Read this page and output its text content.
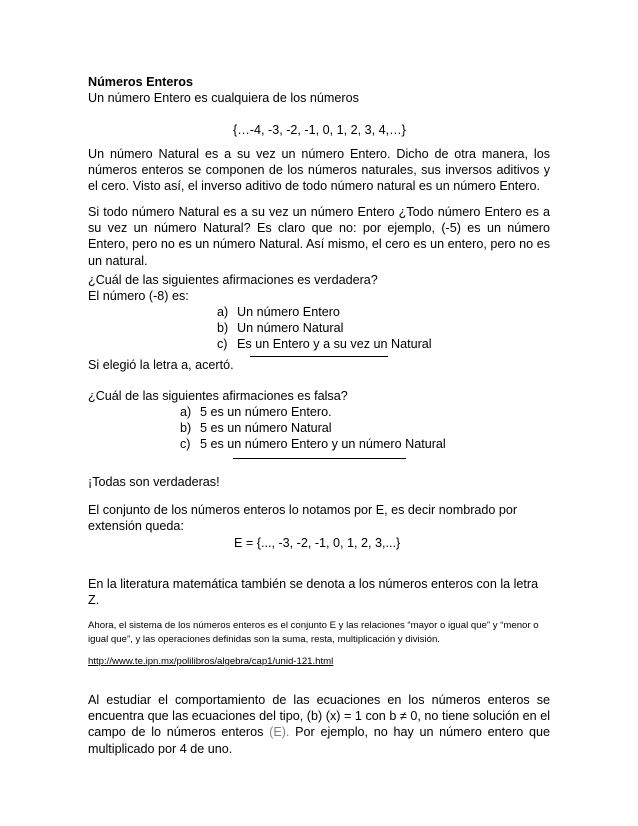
Números Enteros
Un número Entero es cualquiera de los números
{…-4, -3, -2, -1, 0, 1, 2, 3, 4,…}

Un número Natural es a su vez un número Entero. Dicho de otra manera, los números enteros se componen de los números naturales, sus inversos aditivos y el cero. Visto así, el inverso aditivo de todo número natural es un número Entero.

Si todo número Natural es a su vez un número Entero ¿Todo número Entero es a su vez un número Natural? Es claro que no: por ejemplo, (-5) es un número Entero, pero no es un número Natural. Así mismo, el cero es un entero, pero no es un natural.

¿Cuál de las siguientes afirmaciones es verdadera?
El número (-8) es:
a) Un número Entero
b) Un número Natural
c) Es un Entero y a su vez un Natural
Si elegió la letra a, acertó.
¿Cuál de las siguientes afirmaciones es falsa?
a) 5 es un número Entero.
b) 5 es un número Natural
c) 5 es un número Entero y un número Natural
¡Todas son verdaderas!

El conjunto de los números enteros lo notamos por E, es decir nombrado por extensión queda:

E = {..., -3, -2, -1, 0, 1, 2, 3,...}

En la literatura matemática también se denota a los números enteros con la letra Z.

Ahora, el sistema de los números enteros es el conjunto E y las relaciones “mayor o igual que” y “menor o igual que”, y las operaciones definidas son la suma, resta, multiplicación y división.

http://www.te.ipn.mx/polilibros/algebra/cap1/unid-121.html

Al estudiar el comportamiento de las ecuaciones en los números enteros se encuentra que las ecuaciones del tipo, (b) (x) = 1 con b ≠ 0, no tiene solución en el campo de lo números enteros (E). Por ejemplo, no hay un número entero que multiplicado por 4 de uno.
